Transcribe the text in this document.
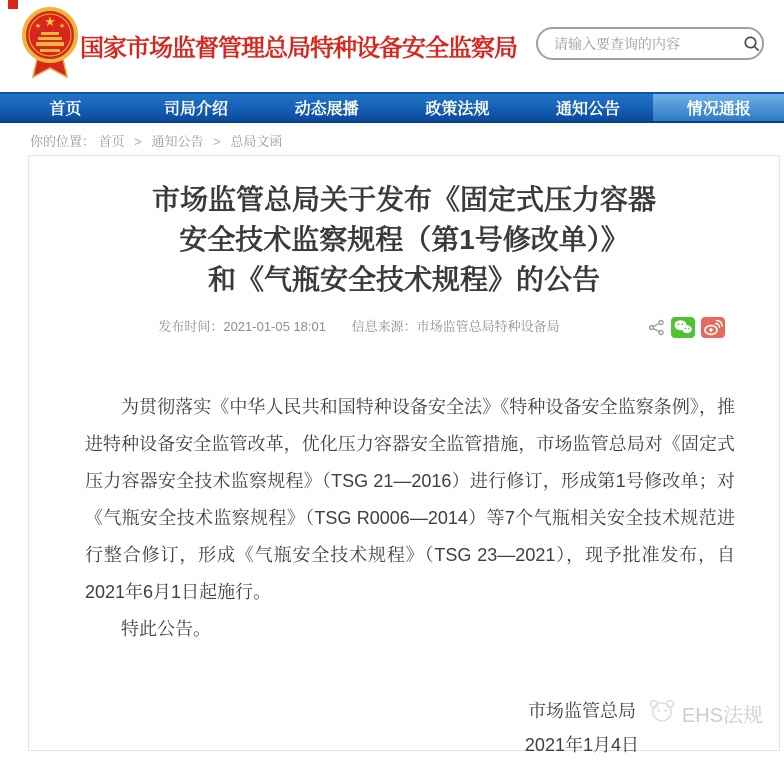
★
★	★
国家市场监督管理总局特种设备安全监察局
请输入要查询的内容
首页	司局介绍	动态展播	政策法规	通知公告	情况通报
你的位置： 首页 > 通知公告 > 总局文函
市场监管总局关于发布《固定式压力容器
安全技术监察规程（第1号修改单）》
和《气瓶安全技术规程》的公告
发布时间：2021-01-05 18:01 信息来源：市场监管总局特种设备局

为贯彻落实《中华人民共和国特种设备安全法》《特种设备安全监察条例》，推进特种设备安全监管改革，优化压力容器安全监管措施，市场监管总局对《固定式压力容器安全技术监察规程》（TSG 21—2016）进行修订，形成第1号修改单；对《气瓶安全技术监察规程》（TSG R0006—2014）等7个气瓶相关安全技术规范进行整合修订，形成《气瓶安全技术规程》（TSG 23—2021），现予批准发布，自2021年6月1日起施行。

特此公告。

市场监管总局
2021年1月4日
EHS法规
